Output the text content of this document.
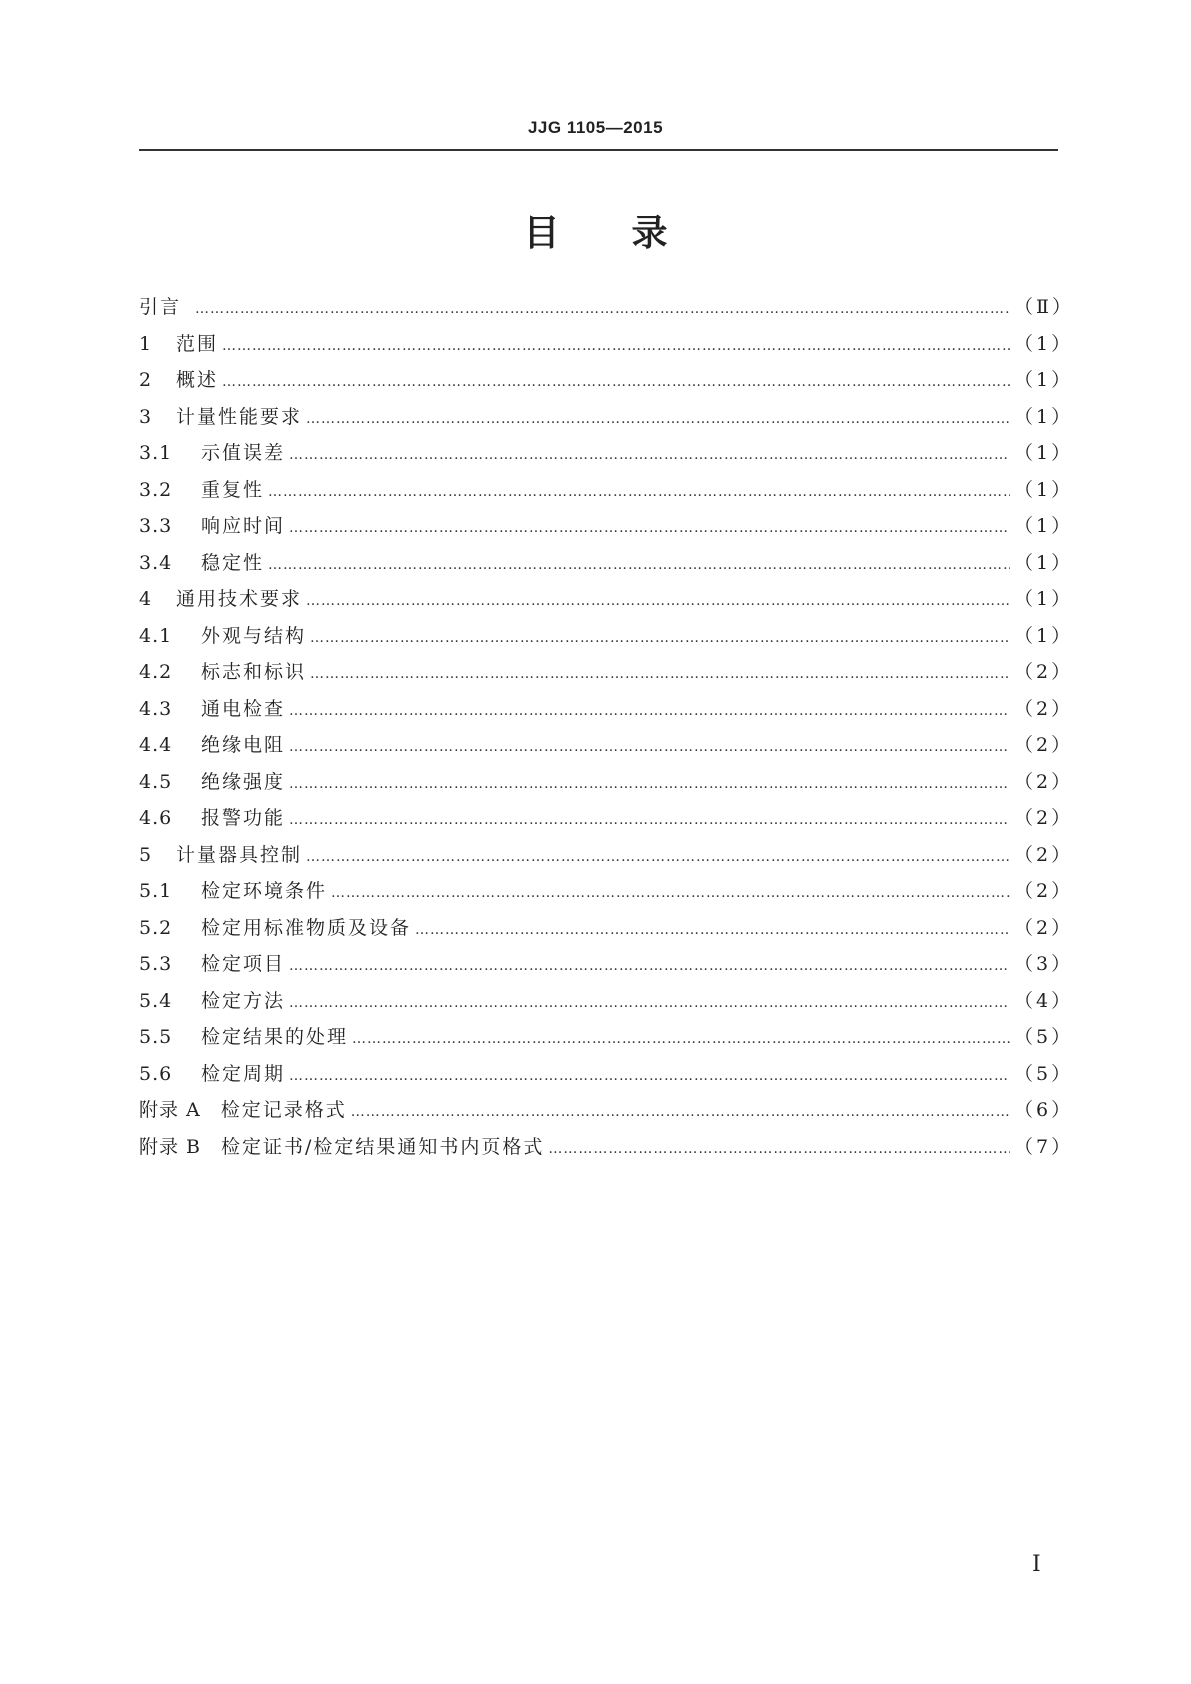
JJG 1105—2015
目 录
引言 ……………………………………………………………………………………………………………………………………………………………………………………………………………………	（Ⅱ）
1	范围 ……………………………………………………………………………………………………………………………………………………………………………………………………………………	（1）
2	概述 ……………………………………………………………………………………………………………………………………………………………………………………………………………………	（1）
3	计量性能要求 ……………………………………………………………………………………………………………………………………………………………………………………………………………………	（1）
3.1	示值误差 ……………………………………………………………………………………………………………………………………………………………………………………………………………………	（1）
3.2	重复性 ……………………………………………………………………………………………………………………………………………………………………………………………………………………	（1）
3.3	响应时间 ……………………………………………………………………………………………………………………………………………………………………………………………………………………	（1）
3.4	稳定性 ……………………………………………………………………………………………………………………………………………………………………………………………………………………	（1）
4	通用技术要求 ……………………………………………………………………………………………………………………………………………………………………………………………………………………	（1）
4.1	外观与结构 ……………………………………………………………………………………………………………………………………………………………………………………………………………………	（1）
4.2	标志和标识 ……………………………………………………………………………………………………………………………………………………………………………………………………………………	（2）
4.3	通电检查 ……………………………………………………………………………………………………………………………………………………………………………………………………………………	（2）
4.4	绝缘电阻 ……………………………………………………………………………………………………………………………………………………………………………………………………………………	（2）
4.5	绝缘强度 ……………………………………………………………………………………………………………………………………………………………………………………………………………………	（2）
4.6	报警功能 ……………………………………………………………………………………………………………………………………………………………………………………………………………………	（2）
5	计量器具控制 ……………………………………………………………………………………………………………………………………………………………………………………………………………………	（2）
5.1	检定环境条件 ……………………………………………………………………………………………………………………………………………………………………………………………………………………	（2）
5.2	检定用标准物质及设备 ……………………………………………………………………………………………………………………………………………………………………………………………………………………	（2）
5.3	检定项目 ……………………………………………………………………………………………………………………………………………………………………………………………………………………	（3）
5.4	检定方法 ……………………………………………………………………………………………………………………………………………………………………………………………………………………	（4）
5.5	检定结果的处理 ……………………………………………………………………………………………………………………………………………………………………………………………………………………	（5）
5.6	检定周期 ……………………………………………………………………………………………………………………………………………………………………………………………………………………	（5）
附录 A 检定记录格式 ……………………………………………………………………………………………………………………………………………………………………………………………………………………	（6）
附录 B 检定证书/检定结果通知书内页格式 ……………………………………………………………………………………………………………………………………………………………………………………………………………………	（7）
Ⅰ
